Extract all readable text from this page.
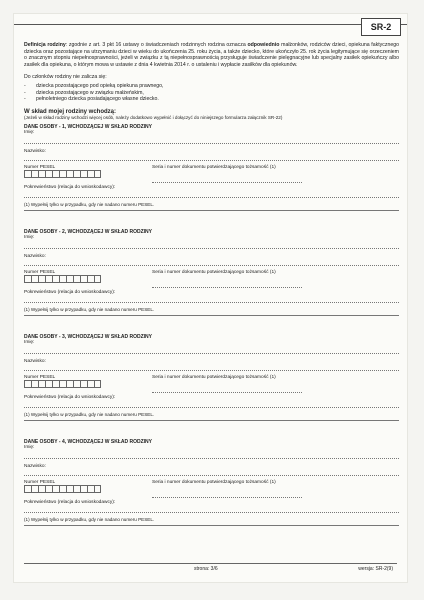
SR-2

Definicja rodziny: zgodnie z art. 3 pkt 16 ustawy o świadczeniach rodzinnych rodzina oznacza odpowiednio małżonków, rodziców dzieci, opiekuna faktycznego dziecka oraz pozostające na utrzymaniu dzieci w wieku do ukończenia 25. roku życia, a także dziecko, które ukończyło 25. rok życia legitymujące się orzeczeniem o znacznym stopniu niepełnosprawności, jeżeli w związku z tą niepełnosprawnością przysługuje świadczenie pielęgnacyjne lub specjalny zasiłek opiekuńczy albo zasiłek dla opiekuna, o którym mowa w ustawie z dnia 4 kwietnia 2014 r. o ustaleniu i wypłacie zasiłków dla opiekunów.

Do członków rodziny nie zalicza się:

- dziecka pozostającego pod opieką opiekuna prawnego,
- dziecka pozostającego w związku małżeńskim,
- pełnoletniego dziecka posiadającego własne dziecko.
W skład mojej rodziny wchodzą:
(Jeżeli w skład rodziny wchodzi więcej osób, należy dodatkowo wypełnić i dołączyć do niniejszego formularza załącznik SR-22)
DANE OSOBY - 1, WCHODZĄCEJ W SKŁAD RODZINY
Imię:
Nazwisko:
Numer PESEL	Seria i numer dokumentu potwierdzającego tożsamość (1)
Pokrewieństwo (relacja do wnioskodawcy):
(1) Wypełnij tylko w przypadku, gdy nie nadano numeru PESEL.
DANE OSOBY - 2, WCHODZĄCEJ W SKŁAD RODZINY
Imię:
Nazwisko:
Numer PESEL	Seria i numer dokumentu potwierdzającego tożsamość (1)
Pokrewieństwo (relacja do wnioskodawcy):
(1) Wypełnij tylko w przypadku, gdy nie nadano numeru PESEL.
DANE OSOBY - 3, WCHODZĄCEJ W SKŁAD RODZINY
Imię:
Nazwisko:
Numer PESEL	Seria i numer dokumentu potwierdzającego tożsamość (1)
Pokrewieństwo (relacja do wnioskodawcy):
(1) Wypełnij tylko w przypadku, gdy nie nadano numeru PESEL.
DANE OSOBY - 4, WCHODZĄCEJ W SKŁAD RODZINY
Imię:
Nazwisko:
Numer PESEL	Seria i numer dokumentu potwierdzającego tożsamość (1)
Pokrewieństwo (relacja do wnioskodawcy):
(1) Wypełnij tylko w przypadku, gdy nie nadano numeru PESEL.
strona: 3/6	wersja: SR-2(9)
